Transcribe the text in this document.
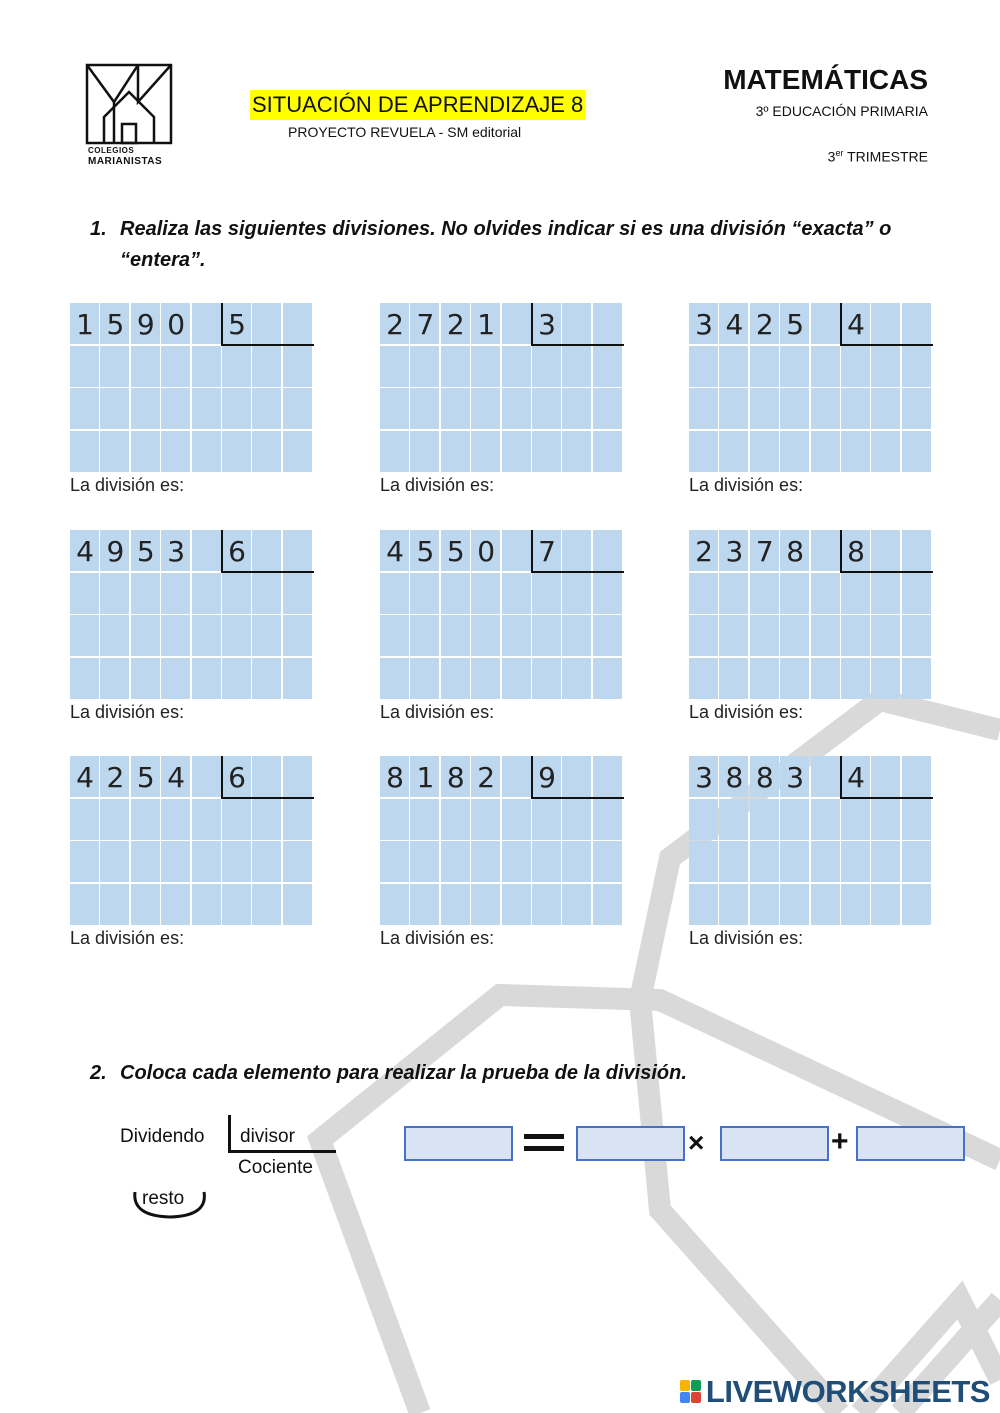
COLEGIOS
MARIANISTAS
SITUACIÓN DE APRENDIZAJE 8
PROYECTO REVUELA - SM editorial
MATEMÁTICAS
3º EDUCACIÓN PRIMARIA
3er TRIMESTRE
1. Realiza las siguientes divisiones. No olvides indicar si es una división “exacta” o “entera”.
1 5 9 0 5
La división es:
2 7 2 1 3
La división es:
3 4 2 5 4
La división es:
4 9 5 3 6
La división es:
4 5 5 0 7
La división es:
2 3 7 8 8
La división es:
4 2 5 4 6
La división es:
8 1 8 2 9
La división es:
3 8 8 3 4
La división es:
2. Coloca cada elemento para realizar la prueba de la división.
Dividendo divisor
Cociente
resto
×	+
LIVEWORKSHEETS
